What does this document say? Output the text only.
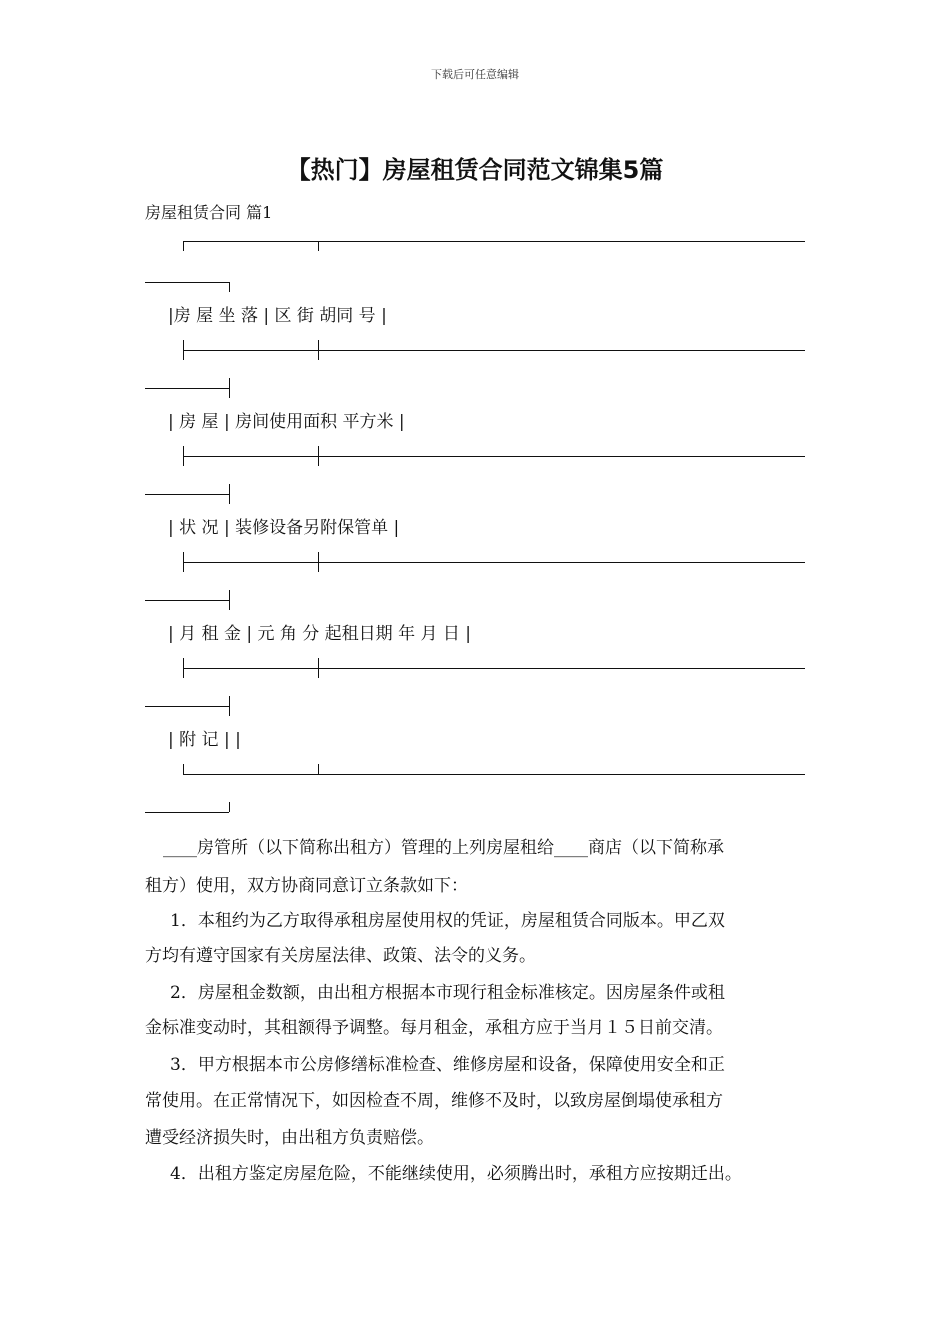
下载后可任意编辑
【热门】房屋租赁合同范文锦集5篇
房屋租赁合同 篇1
|房 屋 坐 落 | 区 街 胡同 号 |
| 房 屋 | 房间使用面积 平方米 |
| 状 况 | 装修设备另附保管单 |
| 月 租 金 | 元 角 分 起租日期 年 月 日 |
| 附 记 | |
____房管所（以下简称出租方）管理的上列房屋租给____商店（以下简称承
租方）使用，双方协商同意订立条款如下：
1．本租约为乙方取得承租房屋使用权的凭证，房屋租赁合同版本。甲乙双
方均有遵守国家有关房屋法律、政策、法令的义务。
2．房屋租金数额，由出租方根据本市现行租金标准核定。因房屋条件或租
金标准变动时，其租额得予调整。每月租金，承租方应于当月１５日前交清。
3．甲方根据本市公房修缮标准检查、维修房屋和设备，保障使用安全和正
常使用。在正常情况下，如因检查不周，维修不及时，以致房屋倒塌使承租方
遭受经济损失时，由出租方负责赔偿。
4．出租方鉴定房屋危险，不能继续使用，必须腾出时，承租方应按期迁出。
